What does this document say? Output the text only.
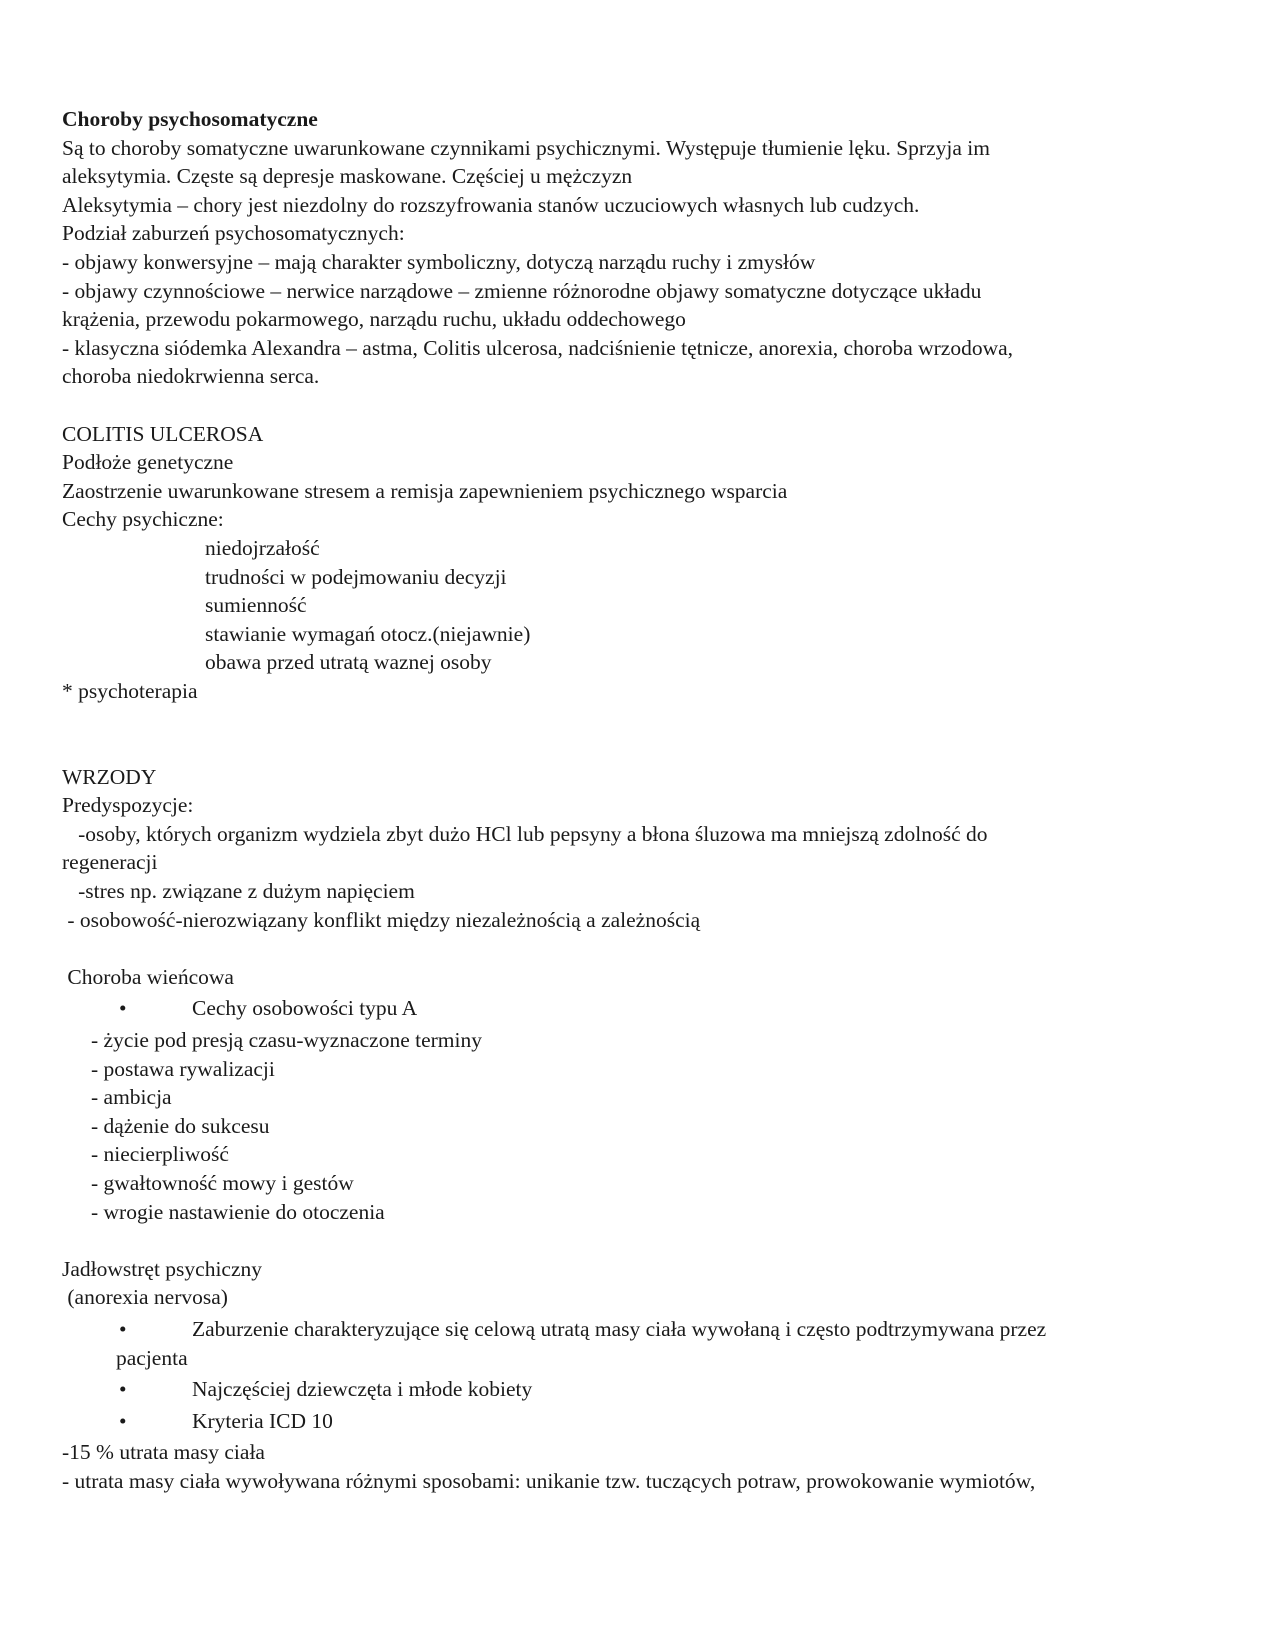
Choroby psychosomatyczne
Są to choroby somatyczne uwarunkowane czynnikami psychicznymi. Występuje tłumienie lęku. Sprzyja im
aleksytymia. Częste są depresje maskowane. Częściej u mężczyzn
Aleksytymia – chory jest niezdolny do rozszyfrowania stanów uczuciowych własnych lub cudzych.
Podział zaburzeń psychosomatycznych:
- objawy konwersyjne – mają charakter symboliczny, dotyczą narządu ruchy i zmysłów
- objawy czynnościowe – nerwice narządowe – zmienne różnorodne objawy somatyczne dotyczące układu
krążenia, przewodu pokarmowego, narządu ruchu, układu oddechowego
- klasyczna siódemka Alexandra – astma, Colitis ulcerosa, nadciśnienie tętnicze, anorexia, choroba wrzodowa,
choroba niedokrwienna serca.
COLITIS ULCEROSA
Podłoże genetyczne
Zaostrzenie uwarunkowane stresem a remisja zapewnieniem psychicznego wsparcia
Cechy psychiczne:
niedojrzałość
trudności w podejmowaniu decyzji
sumienność
stawianie wymagań otocz.(niejawnie)
obawa przed utratą waznej osoby
* psychoterapia
WRZODY
Predyspozycje:
-osoby, których organizm wydziela zbyt dużo HCl lub pepsyny a błona śluzowa ma mniejszą zdolność do
regeneracji
-stres np. związane z dużym napięciem
- osobowość-nierozwiązany konflikt między niezależnością a zależnością
Choroba wieńcowa
•	Cechy osobowości typu A
- życie pod presją czasu-wyznaczone terminy
- postawa rywalizacji
- ambicja
- dążenie do sukcesu
- niecierpliwość
- gwałtowność mowy i gestów
- wrogie nastawienie do otoczenia
Jadłowstręt psychiczny
(anorexia nervosa)
•	Zaburzenie charakteryzujące się celową utratą masy ciała wywołaną i często podtrzymywana przez
pacjenta
•	Najczęściej dziewczęta i młode kobiety
•	Kryteria ICD 10
-15 % utrata masy ciała
- utrata masy ciała wywoływana różnymi sposobami: unikanie tzw. tuczących potraw, prowokowanie wymiotów,
